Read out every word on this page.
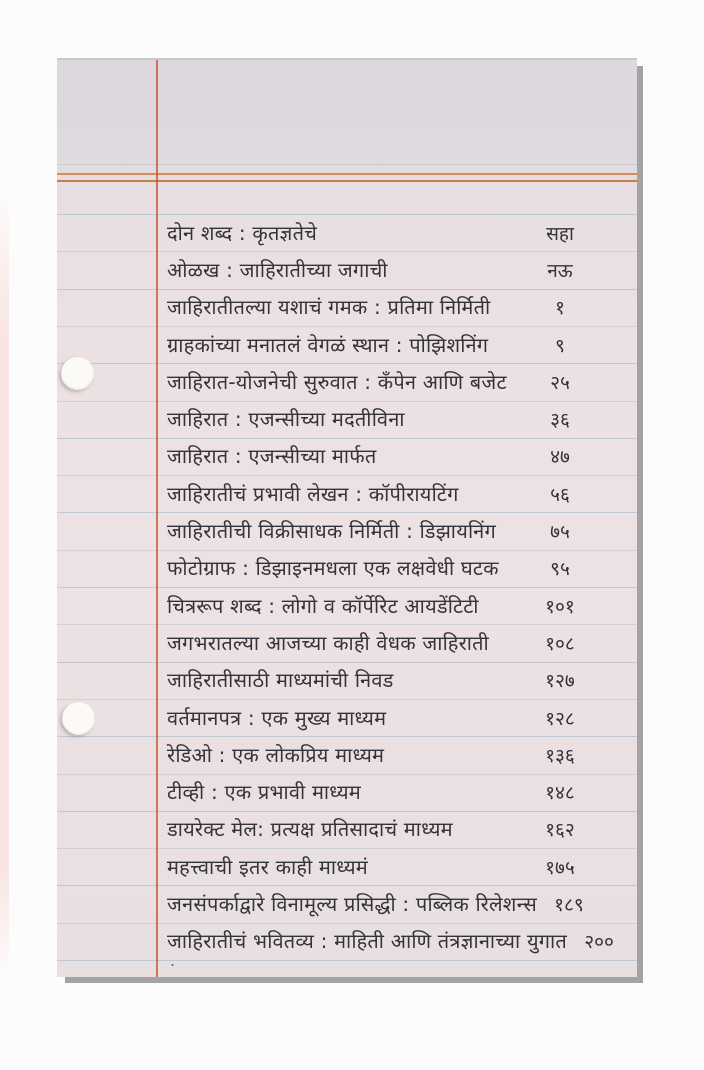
दोन शब्द : कृतज्ञतेचे	सहा
ओळख : जाहिरातीच्या जगाची	नऊ
जाहिरातीतल्या यशाचं गमक : प्रतिमा निर्मिती	१
ग्राहकांच्या मनातलं वेगळं स्थान : पोझिशनिंग	९
जाहिरात-योजनेची सुरुवात : कँपेन आणि बजेट	२५
जाहिरात : एजन्सीच्या मदतीविना	३६
जाहिरात : एजन्सीच्या मार्फत	४७
जाहिरातीचं प्रभावी लेखन : कॉपीरायटिंग	५६
जाहिरातीची विक्रीसाधक निर्मिती : डिझायनिंग	७५
फोटोग्राफ : डिझाइनमधला एक लक्षवेधी घटक	९५
चित्ररूप शब्द : लोगो व कॉर्पेरिट आयडेंटिटी	१०१
जगभरातल्या आजच्या काही वेधक जाहिराती	१०८
जाहिरातीसाठी माध्यमांची निवड	१२७
वर्तमानपत्र : एक मुख्य माध्यम	१२८
रेडिओ : एक लोकप्रिय माध्यम	१३६
टीव्ही : एक प्रभावी माध्यम	१४८
डायरेक्ट मेल: प्रत्यक्ष प्रतिसादाचं माध्यम	१६२
महत्त्वाची इतर काही माध्यमं	१७५
जनसंपर्काद्वारे विनामूल्य प्रसिद्धी : पब्लिक रिलेशन्स १८९
जाहिरातीचं भवितव्य : माहिती आणि तंत्रज्ञानाच्या युगात २००
.
